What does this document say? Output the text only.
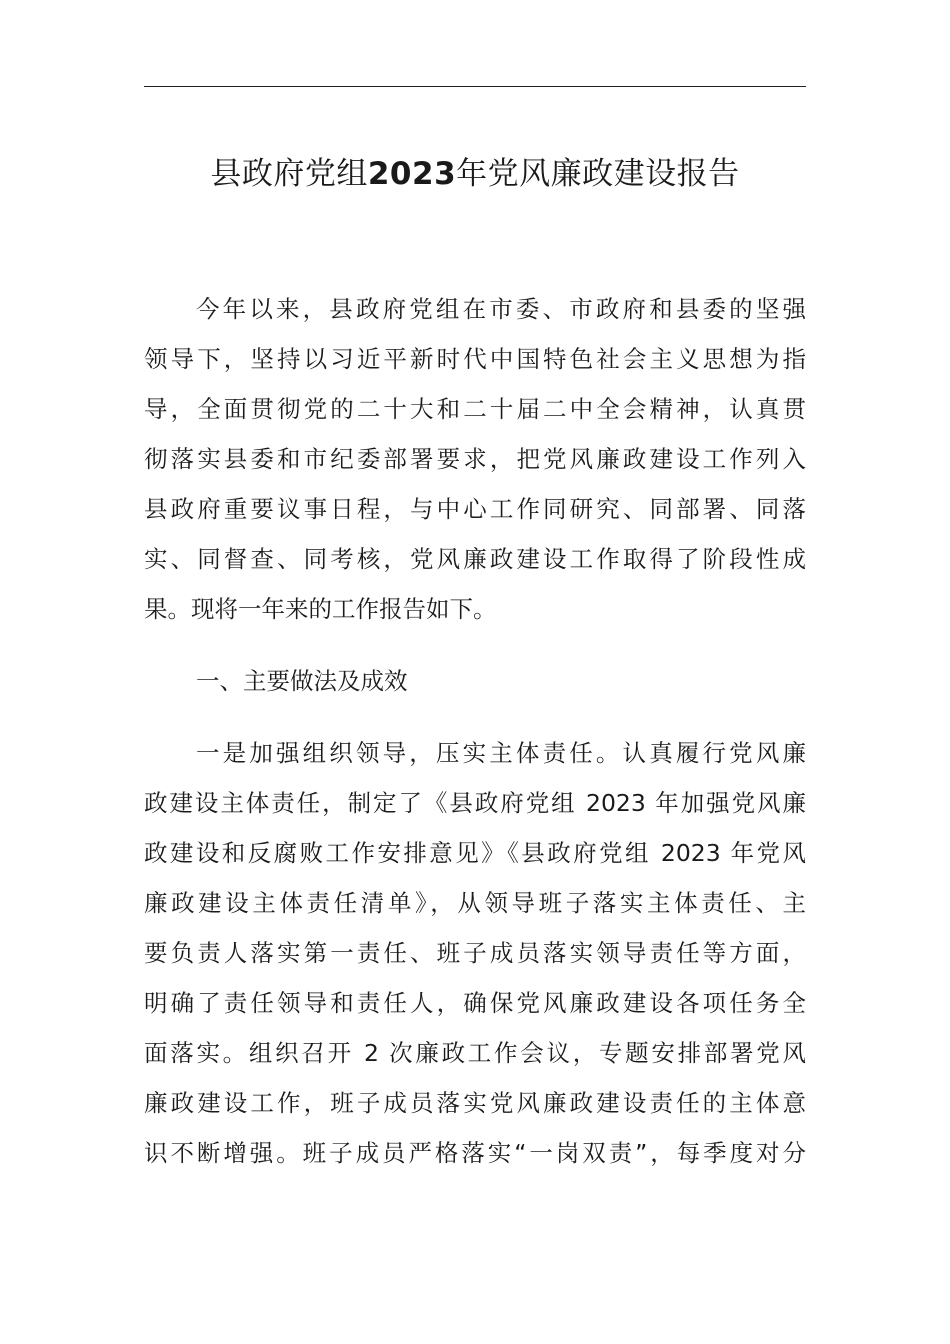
县政府党组2023年党风廉政建设报告
今年以来，县政府党组在市委、市政府和县委的坚强
领导下，坚持以习近平新时代中国特色社会主义思想为指
导，全面贯彻党的二十大和二十届二中全会精神，认真贯
彻落实县委和市纪委部署要求，把党风廉政建设工作列入
县政府重要议事日程，与中心工作同研究、同部署、同落
实、同督查、同考核，党风廉政建设工作取得了阶段性成
果。现将一年来的工作报告如下。
一、主要做法及成效
一是加强组织领导，压实主体责任。认真履行党风廉
政建设主体责任，制定了《县政府党组 2023 年加强党风廉
政建设和反腐败工作安排意见》《县政府党组 2023 年党风
廉政建设主体责任清单》，从领导班子落实主体责任、主
要负责人落实第一责任、班子成员落实领导责任等方面，
明确了责任领导和责任人，确保党风廉政建设各项任务全
面落实。组织召开 2 次廉政工作会议，专题安排部署党风
廉政建设工作，班子成员落实党风廉政建设责任的主体意
识不断增强。班子成员严格落实“一岗双责”，每季度对分
